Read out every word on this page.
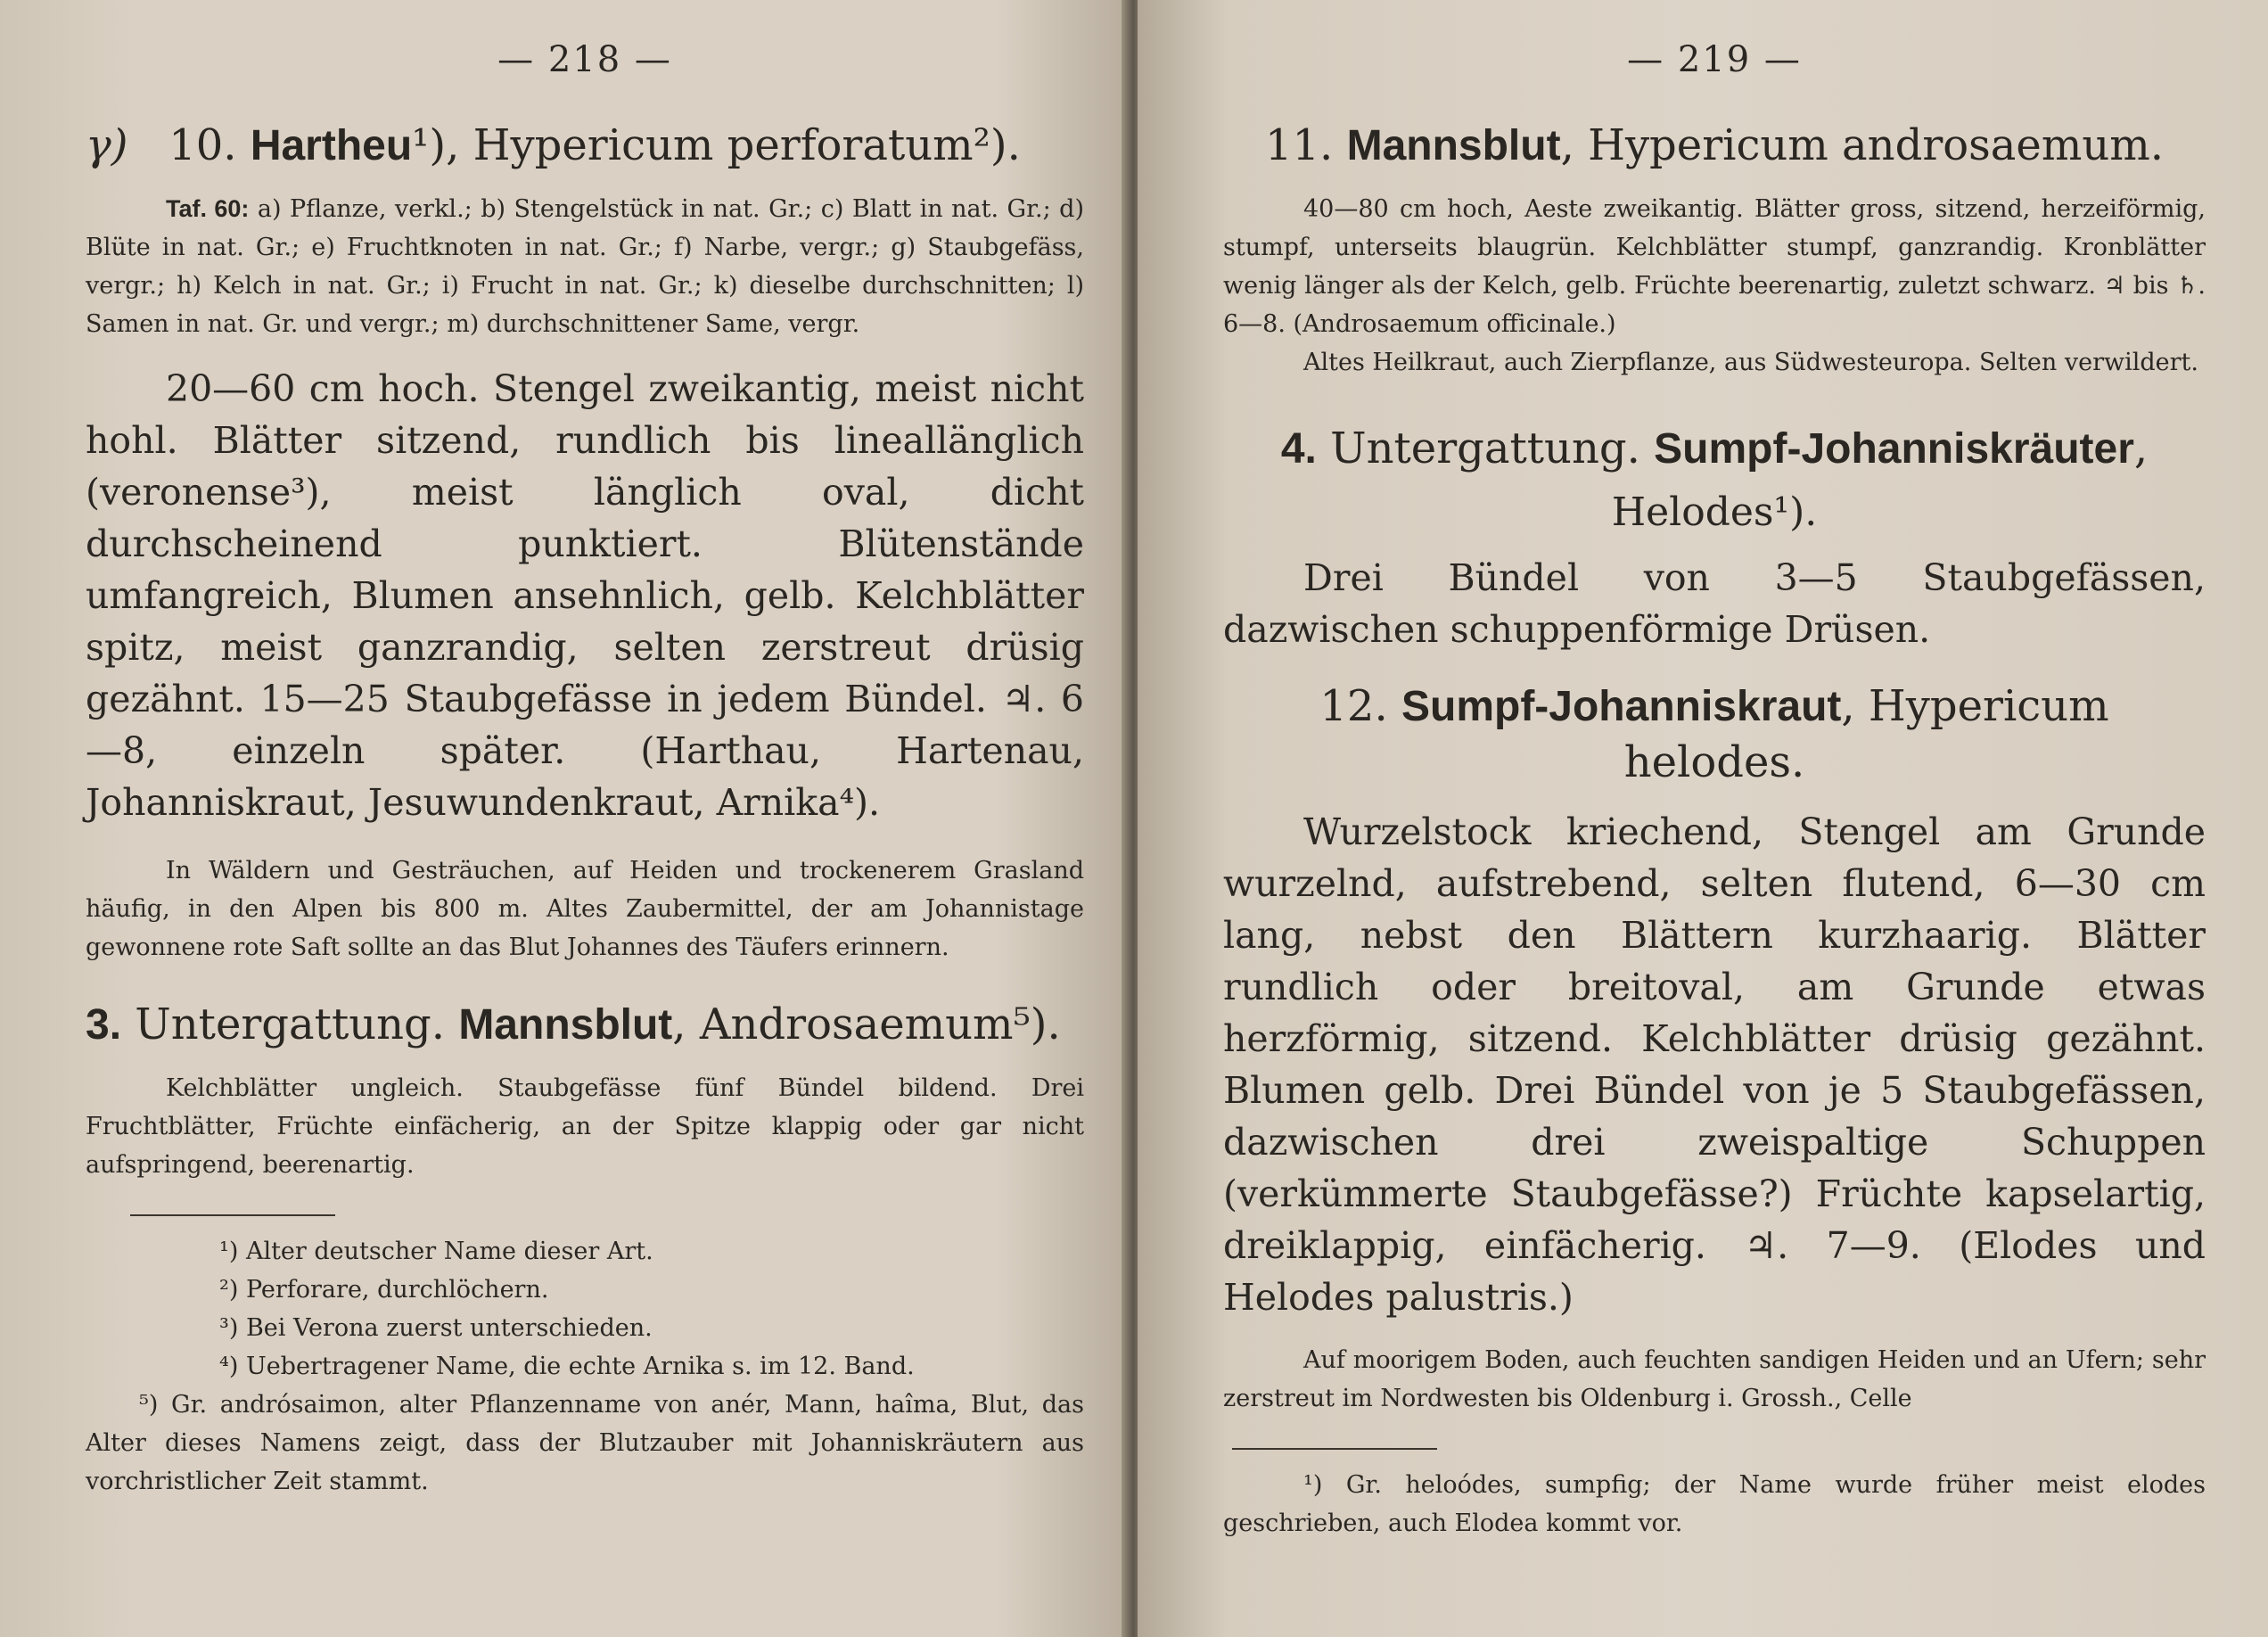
— 218 —
γ) 10. Hartheu¹), Hypericum perforatum²).

Taf. 60: a) Pflanze, verkl.; b) Stengelstück in nat. Gr.; c) Blatt in nat. Gr.; d) Blüte in nat. Gr.; e) Fruchtknoten in nat. Gr.; f) Narbe, vergr.; g) Staubgefäss, vergr.; h) Kelch in nat. Gr.; i) Frucht in nat. Gr.; k) dieselbe durchschnitten; l) Samen in nat. Gr. und vergr.; m) durchschnittener Same, vergr.

20—60 cm hoch. Stengel zweikantig, meist nicht hohl. Blätter sitzend, rundlich bis lineallänglich (veronense³), meist länglich oval, dicht durchscheinend punktiert. Blütenstände umfangreich, Blumen ansehnlich, gelb. Kelchblätter spitz, meist ganzrandig, selten zerstreut drüsig gezähnt. 15—25 Staubgefässe in jedem Bündel. ♃. 6—8, einzeln später. (Harthau, Hartenau, Johanniskraut, Jesuwundenkraut, Arnika⁴).

In Wäldern und Gesträuchen, auf Heiden und trockenerem Grasland häufig, in den Alpen bis 800 m. Altes Zaubermittel, der am Johannistage gewonnene rote Saft sollte an das Blut Johannes des Täufers erinnern.

3. Untergattung. Mannsblut, Androsaemum⁵).

Kelchblätter ungleich. Staubgefässe fünf Bündel bildend. Drei Fruchtblätter, Früchte einfächerig, an der Spitze klappig oder gar nicht aufspringend, beerenartig.

¹) Alter deutscher Name dieser Art.

²) Perforare, durchlöchern.

³) Bei Verona zuerst unterschieden.

⁴) Uebertragener Name, die echte Arnika s. im 12. Band.

⁵) Gr. andrósaimon, alter Pflanzenname von anér, Mann, haîma, Blut, das Alter dieses Namens zeigt, dass der Blutzauber mit Johanniskräutern aus vorchristlicher Zeit stammt.

— 219 —
11. Mannsblut, Hypericum androsaemum.

40—80 cm hoch, Aeste zweikantig. Blätter gross, sitzend, herzeiförmig, stumpf, unterseits blaugrün. Kelchblätter stumpf, ganzrandig. Kronblätter wenig länger als der Kelch, gelb. Früchte beerenartig, zuletzt schwarz. ♃ bis ♄. 6—8. (Androsaemum officinale.)

Altes Heilkraut, auch Zierpflanze, aus Südwesteuropa. Selten verwildert.

4. Untergattung. Sumpf-Johanniskräuter,
Helodes¹).

Drei Bündel von 3—5 Staubgefässen, dazwischen schuppenförmige Drüsen.

12. Sumpf-Johanniskraut, Hypericum helodes.

Wurzelstock kriechend, Stengel am Grunde wurzelnd, aufstrebend, selten flutend, 6—30 cm lang, nebst den Blättern kurzhaarig. Blätter rundlich oder breitoval, am Grunde etwas herzförmig, sitzend. Kelchblätter drüsig gezähnt. Blumen gelb. Drei Bündel von je 5 Staubgefässen, dazwischen drei zweispaltige Schuppen (verkümmerte Staubgefässe?) Früchte kapselartig, dreiklappig, einfächerig. ♃. 7—9. (Elodes und Helodes palustris.)

Auf moorigem Boden, auch feuchten sandigen Heiden und an Ufern; sehr zerstreut im Nordwesten bis Oldenburg i. Grossh., Celle

¹) Gr. heloódes, sumpfig; der Name wurde früher meist elodes geschrieben, auch Elodea kommt vor.
